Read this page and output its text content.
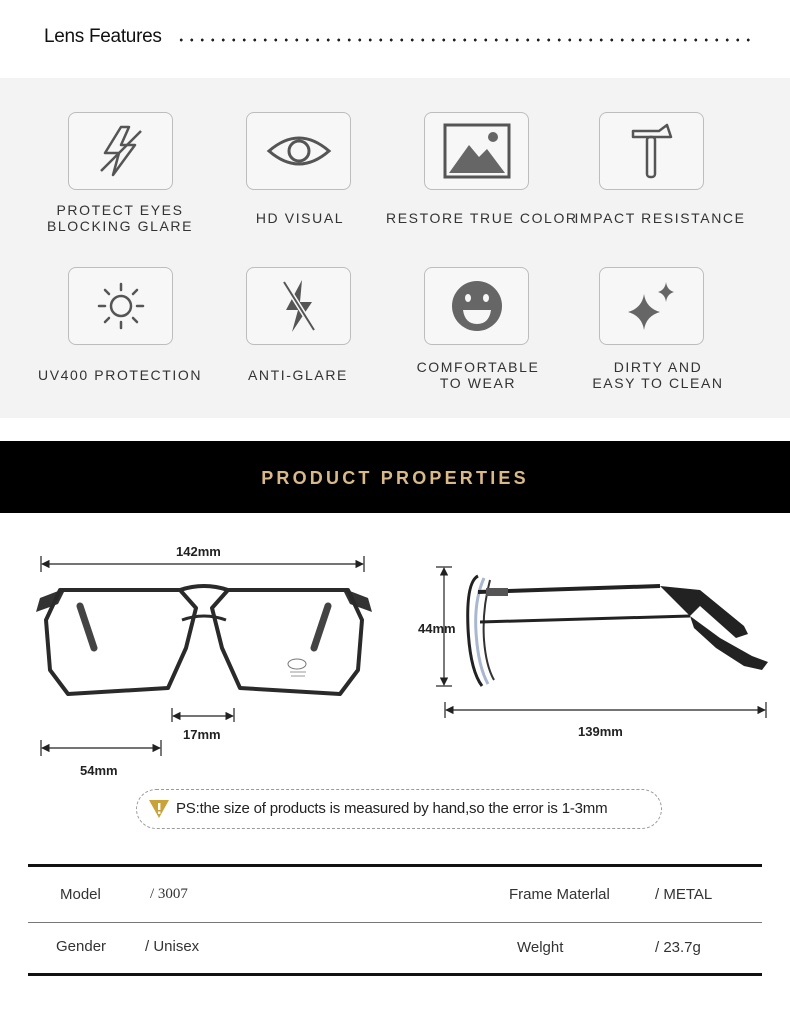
Lens Features
PROTECT EYES
BLOCKING GLARE	HD VISUAL	RESTORE TRUE COLOR
IMPACT RESISTANCE
UV400 PROTECTION	ANTI-GLARE	COMFORTABLE
TO WEAR
DIRTY AND
EASY TO CLEAN
PRODUCT PROPERTIES
142mm
17mm
54mm
44mm
139mm
PS:the size of products is measured by hand,so the error is 1-3mm
Model	/ 3007	Frame Materlal	/ METAL
Gender	/ Unisex	Welght	/ 23.7g
